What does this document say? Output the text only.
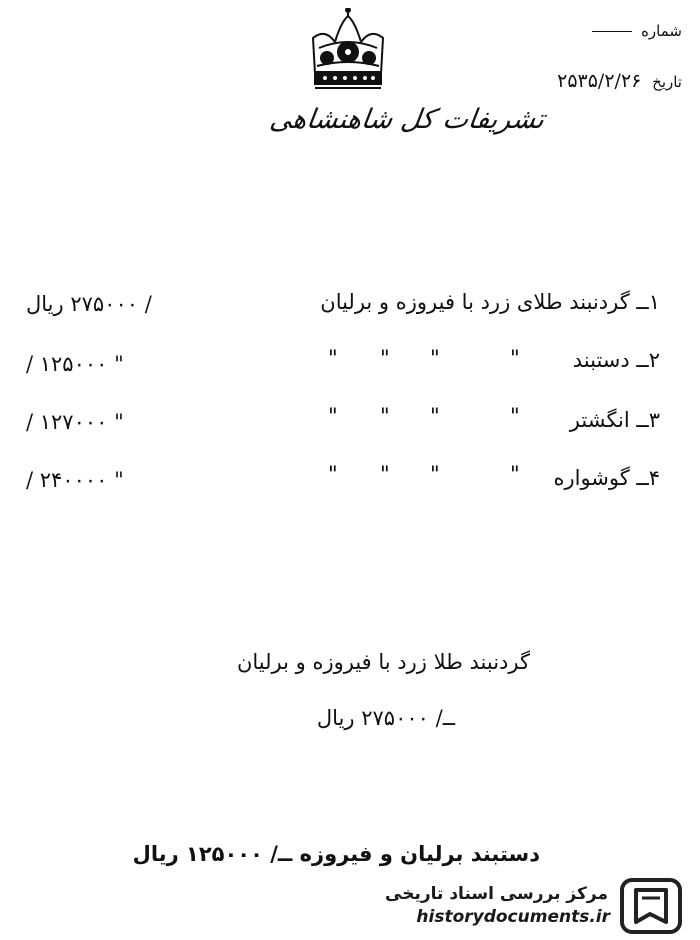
شماره
تاریخ ۲۵۳۵/۲/۲۶
تشریفات کل شاهنشاهی
۱ــ گردنبند طلای زرد با فیروزه و برلیان
/ ۲۷۵۰۰۰ ریال
۲ــ دستبند
"
"
"
"
/ ۱۲۵۰۰۰ "
۳ــ انگشتر
"
"
"
"
/ ۱۲۷۰۰۰ "
۴ــ گوشواره
"
"
"
"
/ ۲۴۰۰۰۰ "
گردنبند طلا زرد با فیروزه و برلیان
ــ/ ۲۷۵۰۰۰ ریال
دستبند برلیان و فیروزه ــ/ ۱۲۵۰۰۰ ریال
مرکز بررسی اسناد تاریخی
historydocuments.ir
